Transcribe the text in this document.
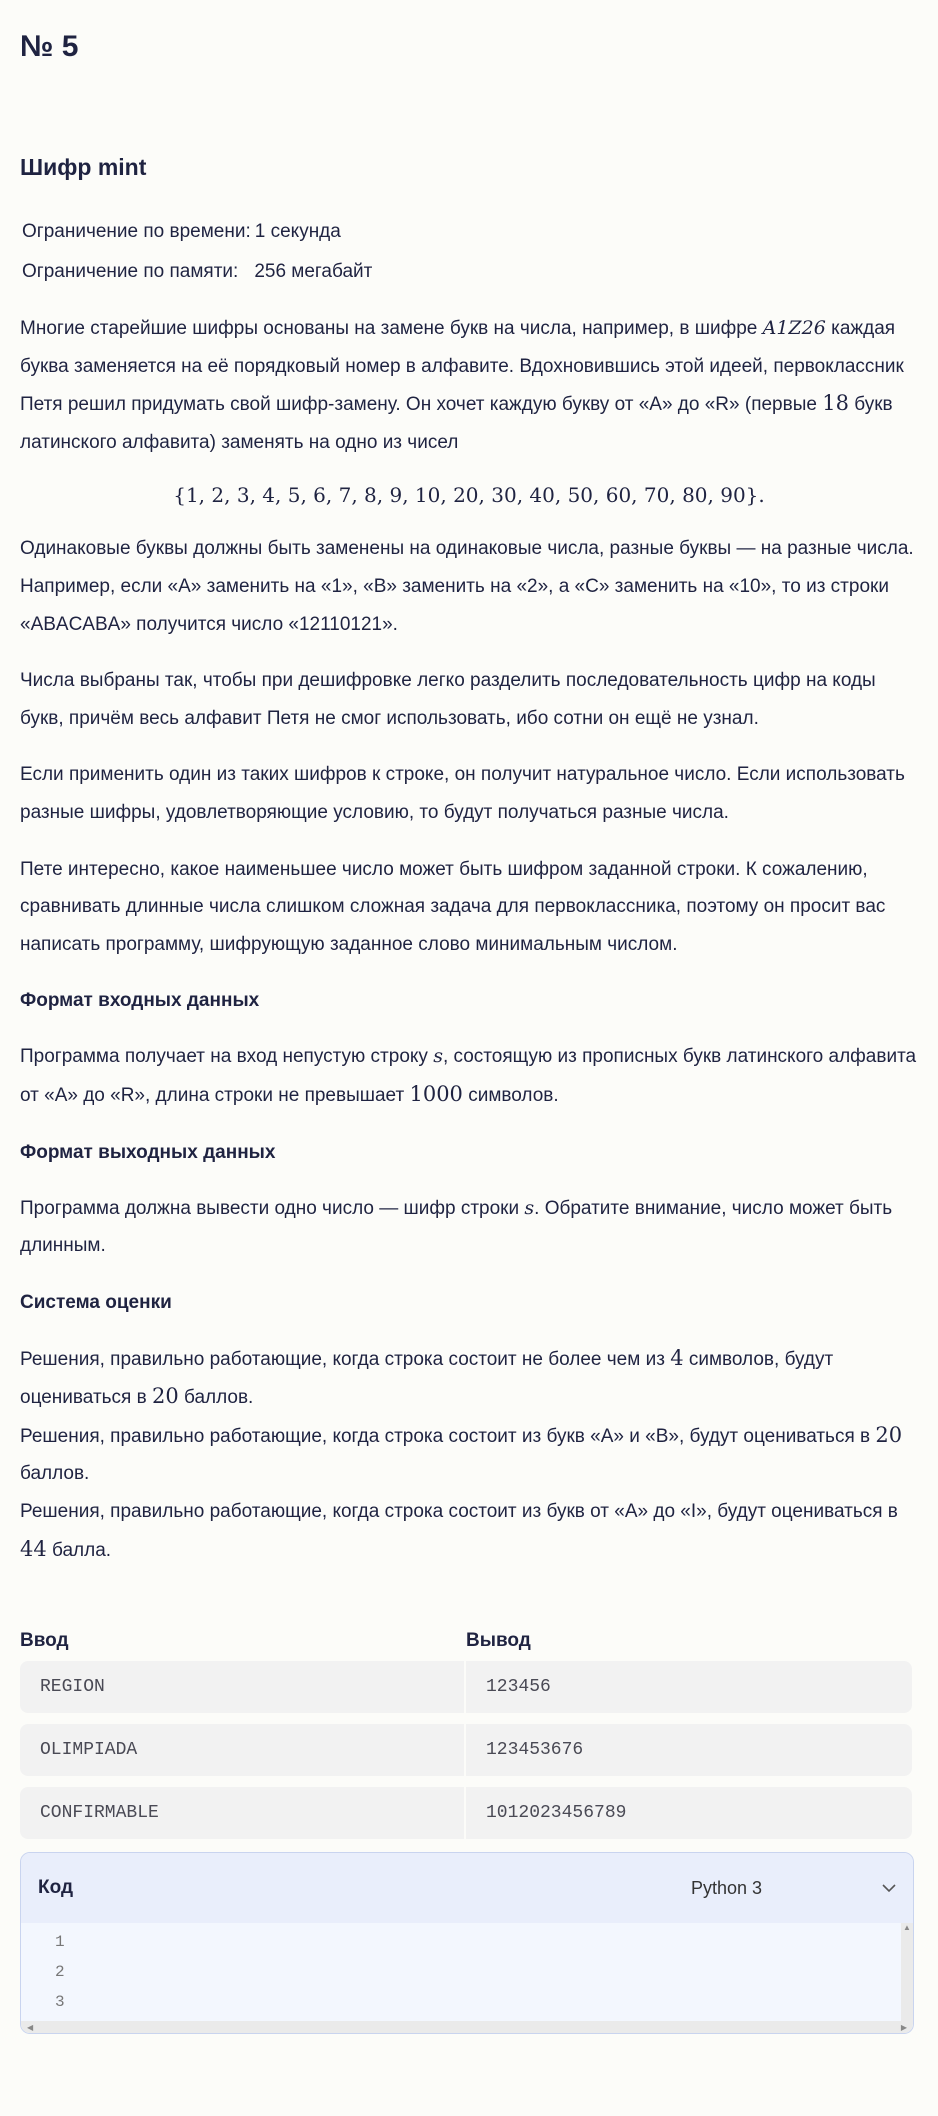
№ 5
Шифр mint
Ограничение по времени: 1 секунда
Ограничение по памяти: 256 мегабайт

Многие старейшие шифры основаны на замене букв на числа, например, в шифре A1Z26 каждая буква заменяется на её порядковый номер в алфавите. Вдохновившись этой идеей, первоклассник Петя решил придумать свой шифр-замену. Он хочет каждую букву от «A» до «R» (первые 18 букв латинского алфавита) заменять на одно из чисел

{1, 2, 3, 4, 5, 6, 7, 8, 9, 10, 20, 30, 40, 50, 60, 70, 80, 90}.

Одинаковые буквы должны быть заменены на одинаковые числа, разные буквы — на разные числа. Например, если «A» заменить на «1», «B» заменить на «2», а «C» заменить на «10», то из строки «ABACABA» получится число «12110121».

Числа выбраны так, чтобы при дешифровке легко разделить последовательность цифр на коды букв, причём весь алфавит Петя не смог использовать, ибо сотни он ещё не узнал.

Если применить один из таких шифров к строке, он получит натуральное число. Если использовать разные шифры, удовлетворяющие условию, то будут получаться разные числа.

Пете интересно, какое наименьшее число может быть шифром заданной строки. К сожалению, сравнивать длинные числа слишком сложная задача для первоклассника, поэтому он просит вас написать программу, шифрующую заданное слово минимальным числом.

Формат входных данных

Программа получает на вход непустую строку s, состоящую из прописных букв латинского алфавита от «A» до «R», длина строки не превышает 1000 символов.

Формат выходных данных

Программа должна вывести одно число — шифр строки s. Обратите внимание, число может быть длинным.

Система оценки

Решения, правильно работающие, когда строка состоит не более чем из 4 символов, будут оцениваться в 20 баллов.

Решения, правильно работающие, когда строка состоит из букв «A» и «B», будут оцениваться в 20 баллов.

Решения, правильно работающие, когда строка состоит из букв от «A» до «I», будут оцениваться в 44 балла.

Ввод	Вывод
REGION	123456
OLIMPIADA	123453676
CONFIRMABLE	1012023456789
Код	Python 3
1
2
3
▲
◀	▶
